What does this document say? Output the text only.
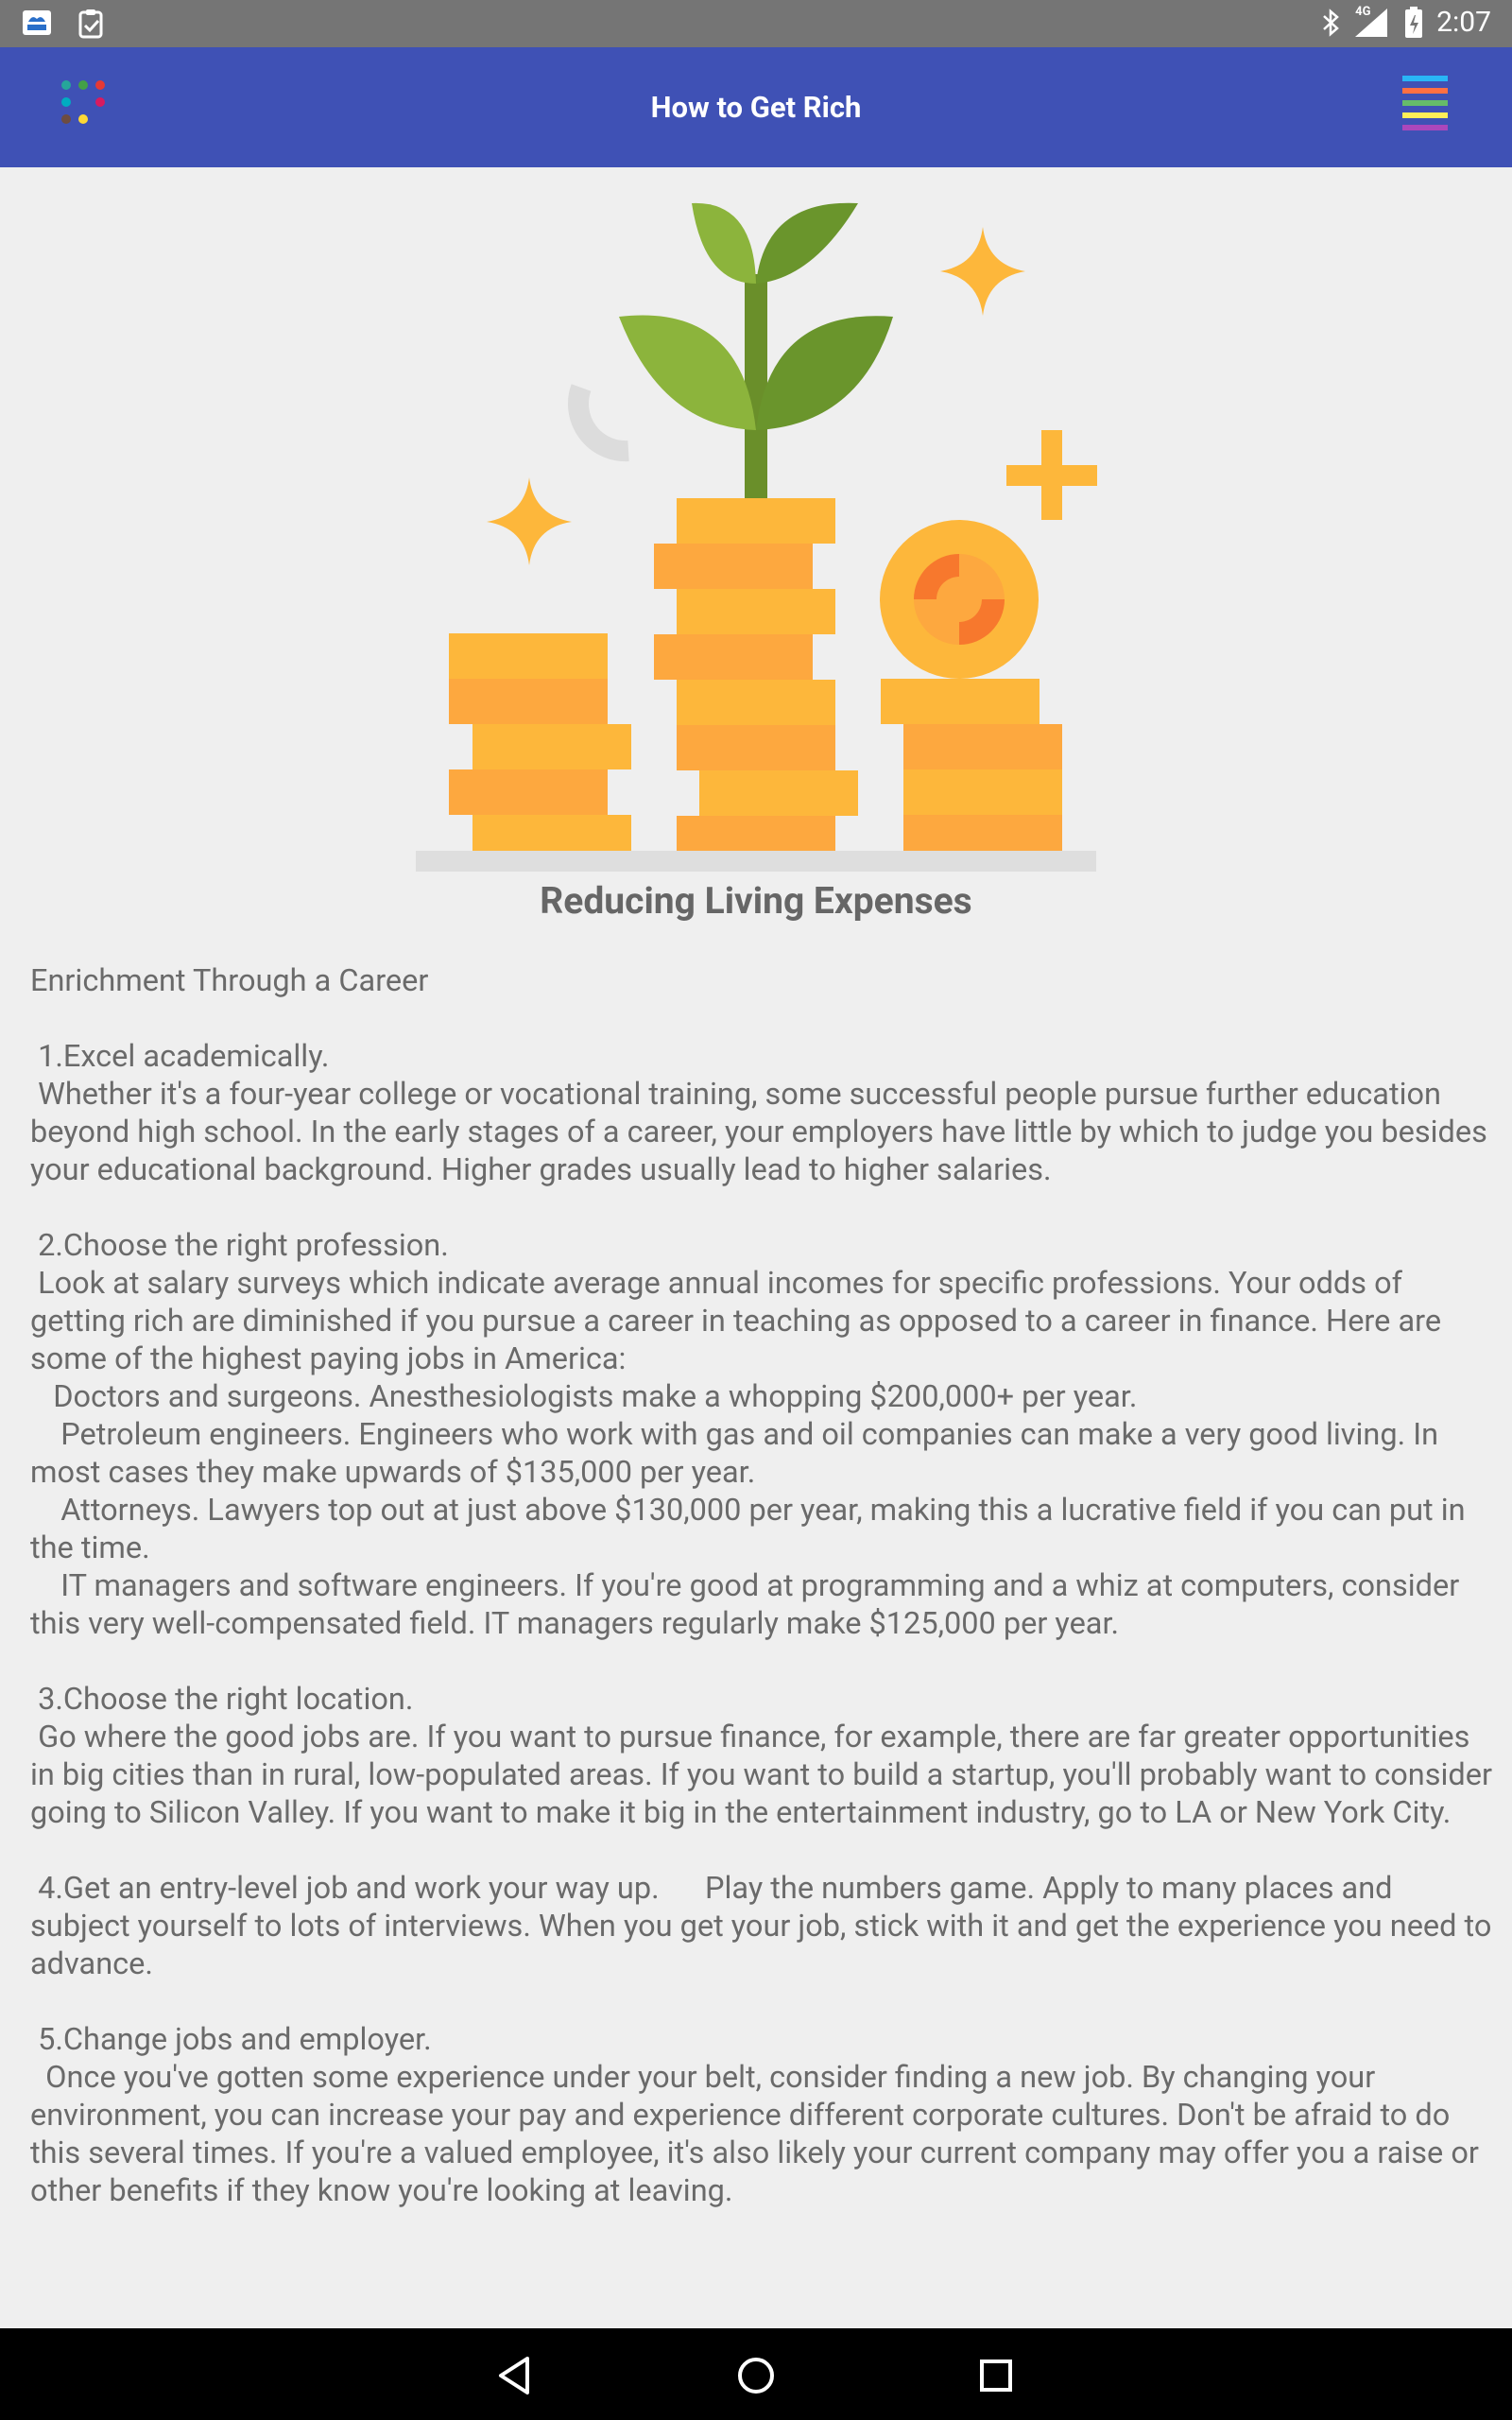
4G 2:07
How to Get Rich
Reducing Living Expenses
Enrichment Through a Career

1.Excel academically.
Whether it's a four-year college or vocational training, some successful people pursue further education beyond high school. In the early stages of a career, your employers have little by which to judge you besides your educational background. Higher grades usually lead to higher salaries.

2.Choose the right profession.
Look at salary surveys which indicate average annual incomes for specific professions. Your odds of getting rich are diminished if you pursue a career in teaching as opposed to a career in finance. Here are some of the highest paying jobs in America:
Doctors and surgeons. Anesthesiologists make a whopping $200,000+ per year.
Petroleum engineers. Engineers who work with gas and oil companies can make a very good living. In most cases they make upwards of $135,000 per year.
Attorneys. Lawyers top out at just above $130,000 per year, making this a lucrative field if you can put in the time.
IT managers and software engineers. If you're good at programming and a whiz at computers, consider this very well-compensated field. IT managers regularly make $125,000 per year.

3.Choose the right location.
Go where the good jobs are. If you want to pursue finance, for example, there are far greater opportunities in big cities than in rural, low-populated areas. If you want to build a startup, you'll probably want to consider going to Silicon Valley. If you want to make it big in the entertainment industry, go to LA or New York City.

4.Get an entry-level job and work your way up.      Play the numbers game. Apply to many places and subject yourself to lots of interviews. When you get your job, stick with it and get the experience you need to advance.

5.Change jobs and employer.
Once you've gotten some experience under your belt, consider finding a new job. By changing your environment, you can increase your pay and experience different corporate cultures. Don't be afraid to do this several times. If you're a valued employee, it's also likely your current company may offer you a raise or other benefits if they know you're looking at leaving.
